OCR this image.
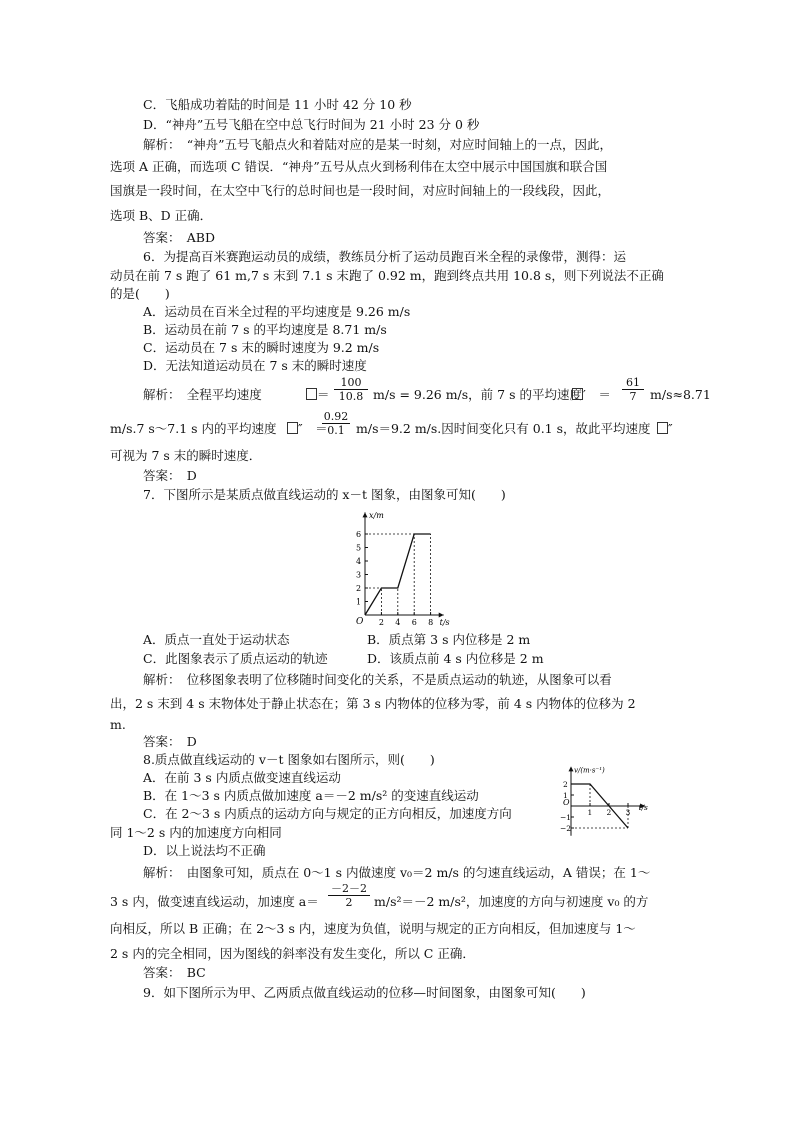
C．飞船成功着陆的时间是 11 小时 42 分 10 秒
D．“神舟”五号飞船在空中总飞行时间为 21 小时 23 分 0 秒
解析：　“神舟”五号飞船点火和着陆对应的是某一时刻，对应时间轴上的一点，因此，
选项 A 正确，而选项 C 错误．“神舟”五号从点火到杨利伟在太空中展示中国国旗和联合国
国旗是一段时间，在太空中飞行的总时间也是一段时间，对应时间轴上的一段线段，因此，
选项 B、D 正确．
答案：　ABD
6．为提高百米赛跑运动员的成绩，教练员分析了运动员跑百米全程的录像带，测得：运
动员在前 7 s 跑了 61 m,7 s 末到 7.1 s 末跑了 0.92 m，跑到终点共用 10.8 s，则下列说法不正确
的是(　　)
A．运动员在百米全过程的平均速度是 9.26 m/s
B．运动员在前 7 s 的平均速度是 8.71 m/s
C．运动员在 7 s 末的瞬时速度为 9.2 m/s
D．无法知道运动员在 7 s 末的瞬时速度
解析：　全程平均速度	＝ $\frac{100}{10.8} m/s = 9.26$ m/s，前 7 s 的平均速度 ′　＝ $\frac{61}{7} m/s\approx 8.71$
m/s.7 s～7.1 s 内的平均速度	″　＝
$\frac{0.92}{0.1} m/s=9.2$ m/s.因时间变化只有 0.1 s，故此平均速度	″
可视为 7 s 末的瞬时速度．
答案：　D
7．下图所示是某质点做直线运动的 x－t 图象，由图象可知(　　)
x/m
t/s
O
1
2
3
4
5
6
2 4 6 8
A．质点一直处于运动状态	B．质点第 3 s 内位移是 2 m
C．此图象表示了质点运动的轨迹	D．该质点前 4 s 内位移是 2 m
解析：　位移图象表明了位移随时间变化的关系，不是质点运动的轨迹，从图象可以看
出，2 s 末到 4 s 末物体处于静止状态在；第 3 s 内物体的位移为零，前 4 s 内物体的位移为 2
m.
答案：　D
8.质点做直线运动的 v－t 图象如右图所示，则(　　)
A．在前 3 s 内质点做变速直线运动
B．在 1～3 s 内质点做加速度 a＝－2 m/s² 的变速直线运动
C．在 2～3 s 内质点的运动方向与规定的正方向相反，加速度方向
同 1～2 s 内的加速度方向相同
D．以上说法均不正确
v/(m·s⁻¹)
t/s
O
2
1
−1
−2
1 2 3
解析：　由图象可知，质点在 0～1 s 内做速度 v₀＝2 m/s 的匀速直线运动，A 错误；在 1～
3 s 内，做变速直线运动，加速度 $a= \frac{-2-2}{2} m/s^2=-2$ m/s²，加速度的方向与初速度 v₀ 的方
向相反，所以 B 正确；在 2～3 s 内，速度为负值，说明与规定的正方向相反，但加速度与 1～
2 s 内的完全相同，因为图线的斜率没有发生变化，所以 C 正确．
答案：　BC
9．如下图所示为甲、乙两质点做直线运动的位移—时间图象，由图象可知(　　)
